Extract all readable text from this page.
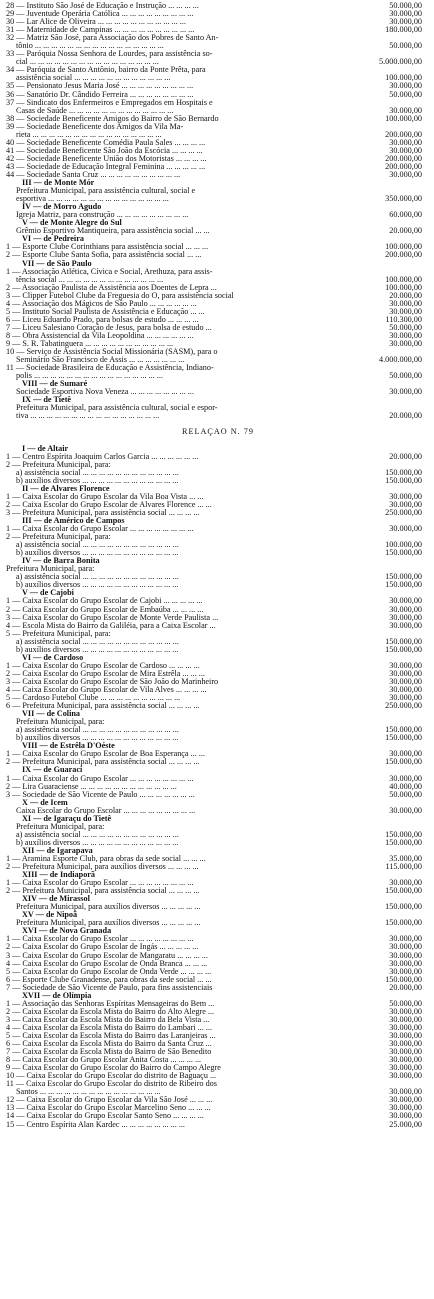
28 — Instituto São José de Educação e Instrução ... ... ... ...	50.000,00
29 — Juventude Operária Católica ... ... ... ... ... ... ... ... ...	30.000,00
30 — Lar Alice de Oliveira ... ... ... ... ... ... ... ... ... ... ...	30.000,00
31 — Maternidade de Campinas ... ... ... ... ... ... ... ... ... ...	180.000,00
32 — Matriz São José, para Associação dos Pobres de Santo An-
tônio ... ... ... ... ... ... ... ... ... ... ... ... ... ... ... ...	50.000,00
33 — Paróquia Nossa Senhora de Lourdes, para assistência so-
cial ... ... ... ... ... ... ... ... ... ... ... ... ... ... ... ...	5.000.000,00
34 — Paróquia de Santo Antônio, bairro da Ponte Prêta, para
assistência social ... ... ... ... ... ... ... ... ... ... ... ...	100.000,00
35 — Pensionato Jesus Maria José ... ... ... ... ... ... ... ... ...	30.000,00
36 — Sanatório Dr. Cândido Ferreira ... ... ... ... ... ... ... ...	50.000,00
37 — Sindicato dos Enfermeiros e Empregados em Hospitais e
Casas de Saúde ... ... ... ... ... ... ... ... ... ... ... ... ...	30.000,00
38 — Sociedade Beneficente Amigos do Bairro de São Bernardo	100.000,00
39 — Sociedade Beneficente dos Amigos da Vila Ma-
rieta ... ... ... ... ... ... ... ... ... ... ... ... ... ... ... ...	200.000,00
40 — Sociedade Beneficente Comédia Paula Sales ... ... ... ...	30.000,00
41 — Sociedade Beneficente São João da Escócia ... ... ... ...	30.000,00
42 — Sociedade Beneficente União dos Motoristas ... ... ... ...	200.000,00
43 — Sociedade de Educação Integral Feminina ... ... ... ... ...	200.000,00
44 — Sociedade Santa Cruz ... ... ... ... ... ... ... ... ... ...	30.000,00
III — de Monte Mór
Prefeitura Municipal, para assistência cultural, social e
esportiva ... ... ... ... ... ... ... ... ... ... ... ... ... ... ...	350.000,00
IV — de Morro Agudo
Igreja Matriz, para construção ... ... ... ... ... ... ... ... ...	60.000,00
V — de Monte Alegre do Sul
Grêmio Esportivo Mantiqueira, para assistência social ... ...	20.000,00
VI — de Pedreira
1 — Esporte Clube Corinthians para assistência social ... ... ...	100.000,00
2 — Esporte Clube Santa Sofia, para assistência social ... ...	200.000,00
VII — de São Paulo
1 — Associação Atlética, Cívica e Social, Arethuza, para assis-
tência social ... ... ... ... ... ... ... ... ... ... ... ... ...	100.000,00
2 — Associação Paulista de Assistência aos Doentes de Lepra ...	100.000,00
3 — Clipper Futebol Clube da Freguesia do Ó, para assistência social	20.000,00
4 — Associação dos Mágicos de São Paulo ... ... ... ... ... ...	30.000,00
5 — Instituto Social Paulista de Assistência e Educação ... ...	30.000,00
6 — Liceu Eduardo Prado, para bolsas de estudo ... ... ... ...	110.300,00
7 — Liceu Salesiano Coração de Jesus, para bolsa de estudo ...	50.000,00
8 — Obra Assistencial da Vila Leopoldina ... ... ... ... ... ...	30.000,00
9 — S. R. Tabatinguera ... ... ... ... ... ... ... ... ... ... ...	30.000,00
10 — Serviço de Assistência Social Missionária (SASM), para o
Seminário São Francisco de Assis ... ... ... ... ... ... ...	4.000.000,00
11 — Sociedade Brasileira de Educação e Assistência, Indiano-
polis ... ... ... ... ... ... ... ... ... ... ... ... ... ... ... ...	50.000,00
VIII — de Sumaré
Sociedade Esportiva Nova Veneza ... ... ... ... ... ... ... ...	30.000,00
IX — de Tietê
Prefeitura Municipal, para assistência cultural, social e espor-
tiva ... ... ... ... ... ... ... ... ... ... ... ... ... ... ... ...	20.000,00
RELAÇÃO N. 79
I — de Altair
1 — Centro Espírita Joaquim Carlos Garcia ... ... ... ... ... ...	20.000,00
2 — Prefeitura Municipal, para:
a) assistência social ... ... ... ... ... ... ... ... ... ... ... ...	150.000,00
b) auxílios diversos ... ... ... ... ... ... ... ... ... ... ... ...	150.000,00
II — de Alvares Florence
1 — Caixa Escolar do Grupo Escolar da Vila Boa Vista ... ...	30.000,00
2 — Caixa Escolar do Grupo Escolar de Alvares Florence ... ...	30.000,00
3 — Prefeitura Municipal, para assistência social ... ... ... ...	250.000,00
III — de Américo de Campos
1 — Caixa Escolar do Grupo Escolar ... ... ... ... ... ... ... ...	30.000,00
2 — Prefeitura Municipal, para:
a) assistência social ... ... ... ... ... ... ... ... ... ... ... ...	100.000,00
b) auxílios diversos ... ... ... ... ... ... ... ... ... ... ... ...	150.000,00
IV — de Barra Bonita
Prefeitura Municipal, para:
a) assistência social ... ... ... ... ... ... ... ... ... ... ... ...	150.000,00
b) auxílios diversos ... ... ... ... ... ... ... ... ... ... ... ...	150.000,00
V — de Cajobi
1 — Caixa Escolar do Grupo Escolar de Cajobi ... ... ... ... ...	30.000,00
2 — Caixa Escolar do Grupo Escolar de Embaúba ... ... ... ...	30.000,00
3 — Caixa Escolar do Grupo Escolar de Monte Verde Paulista ...	30.000,00
4 — Escola Mista do Bairro da Galiléia, para a Caixa Escolar ...	30.000,00
5 — Prefeitura Municipal, para:
a) assistência social ... ... ... ... ... ... ... ... ... ... ... ...	150.000,00
b) auxílios diversos ... ... ... ... ... ... ... ... ... ... ... ...	150.000,00
VI — de Cardoso
1 — Caixa Escolar do Grupo Escolar de Cardoso ... ... ... ...	30.000,00
2 — Caixa Escolar do Grupo Escolar de Mira Estrêla ... ... ...	30.000,00
3 — Caixa Escolar do Grupo Escolar de São João do Marinheiro	30.000,00
4 — Caixa Escolar do Grupo Escolar de Vila Alves ... ... ... ...	30.000,00
5 — Cardoso Futebol Clube ... ... ... ... ... ... ... ... ... ...	30.000,00
6 — Prefeitura Municipal, para assistência social ... ... ... ...	250.000,00
VII — de Colina
Prefeitura Municipal, para:
a) assistência social ... ... ... ... ... ... ... ... ... ... ... ...	150.000,00
b) auxílios diversos ... ... ... ... ... ... ... ... ... ... ... ...	150.000,00
VIII — de Estrêla D'Oéste
1 — Caixa Escolar do Grupo Escolar de Boa Esperança ... ...	30.000,00
2 — Prefeitura Municipal, para assistência social ... ... ... ...	150.000,00
IX — de Guaraci
1 — Caixa Escolar do Grupo Escolar ... ... ... ... ... ... ... ...	30.000,00
2 — Lira Guaraciense ... ... ... ... ... ... ... ... ... ... ... ...	40.000,00
3 — Sociedade de São Vicente de Paulo ... ... ... ... ... ... ...	50.000,00
X — de Icem
Caixa Escolar do Grupo Escolar ... ... ... ... ... ... ... ... ...	30.000,00
XI — de Igaraçu do Tietê
Prefeitura Municipal, para:
a) assistência social ... ... ... ... ... ... ... ... ... ... ... ...	150.000,00
b) auxílios diversos ... ... ... ... ... ... ... ... ... ... ... ...	150.000,00
XII — de Igarapava
1 — Aramina Esporte Club, para obras da sede social ... ... ...	35.000,00
2 — Prefeitura Municipal, para auxílios diversos ... ... ... ...	115.000,00
XIII — de Indiaporã
1 — Caixa Escolar do Grupo Escolar ... ... ... ... ... ... ... ...	30.000,00
2 — Prefeitura Municipal, para assistência social ... ... ... ...	150.000,00
XIV — de Mirassol
Prefeitura Municipal, para auxílios diversos ... ... ... ... ...	150.000,00
XV — de Nipoã
Prefeitura Municipal, para auxílios diversos ... ... ... ... ...	150.000,00
XVI — de Nova Granada
1 — Caixa Escolar do Grupo Escolar ... ... ... ... ... ... ... ...	30.000,00
2 — Caixa Escolar do Grupo Escolar de Ingás ... ... ... ... ...	30.000,00
3 — Caixa Escolar do Grupo Escolar de Mangaratu ... ... ... ...	30.000,00
4 — Caixa Escolar do Grupo Escolar de Onda Branca ... ... ...	30.000,00
5 — Caixa Escolar do Grupo Escolar de Onda Verde ... ... ... ...	30.000,00
6 — Esporte Clube Granadense, para obras da sede social ... ...	150.000,00
7 — Sociedade de São Vicente de Paulo, para fins assistenciais	20.000,00
XVII — de Olímpia
1 — Associação das Senhoras Espíritas Mensageiras do Bem ...	50.000,00
2 — Caixa Escolar da Escola Mista do Bairro do Alto Alegre ...	30.000,00
3 — Caixa Escolar da Escola Mista do Bairro da Bela Vista ...	30.000,00
4 — Caixa Escolar da Escola Mista do Bairro do Lambari ... ...	30.000,00
5 — Caixa Escolar da Escola Mista do Bairro das Laranjeiras ...	30.000,00
6 — Caixa Escolar da Escola Mista do Bairro da Santa Cruz ...	30.000,00
7 — Caixa Escolar da Escola Mista do Bairro de São Benedito	30.000,00
8 — Caixa Escolar do Grupo Escolar Anita Costa ... ... ... ...	30.000,00
9 — Caixa Escolar do Grupo Escolar do Bairro do Campo Alegre	30.000,00
10 — Caixa Escolar do Grupo Escolar do distrito de Baguaçu ...	30.000,00
11 — Caixa Escolar do Grupo Escolar do distrito de Ribeiro dos
Santos ... ... ... ... ... ... ... ... ... ... ... ... ... ... ...	30.000,00
12 — Caixa Escolar do Grupo Escolar da Vila São José ... ... ...	30.000,00
13 — Caixa Escolar do Grupo Escolar Marcelino Seno ... ... ...	30.000,00
14 — Caixa Escolar do Grupo Escolar Santo Seno ... ... ... ...	30.000,00
15 — Centro Espírita Alan Kardec ... ... ... ... ... ... ... ...	25.000,00
